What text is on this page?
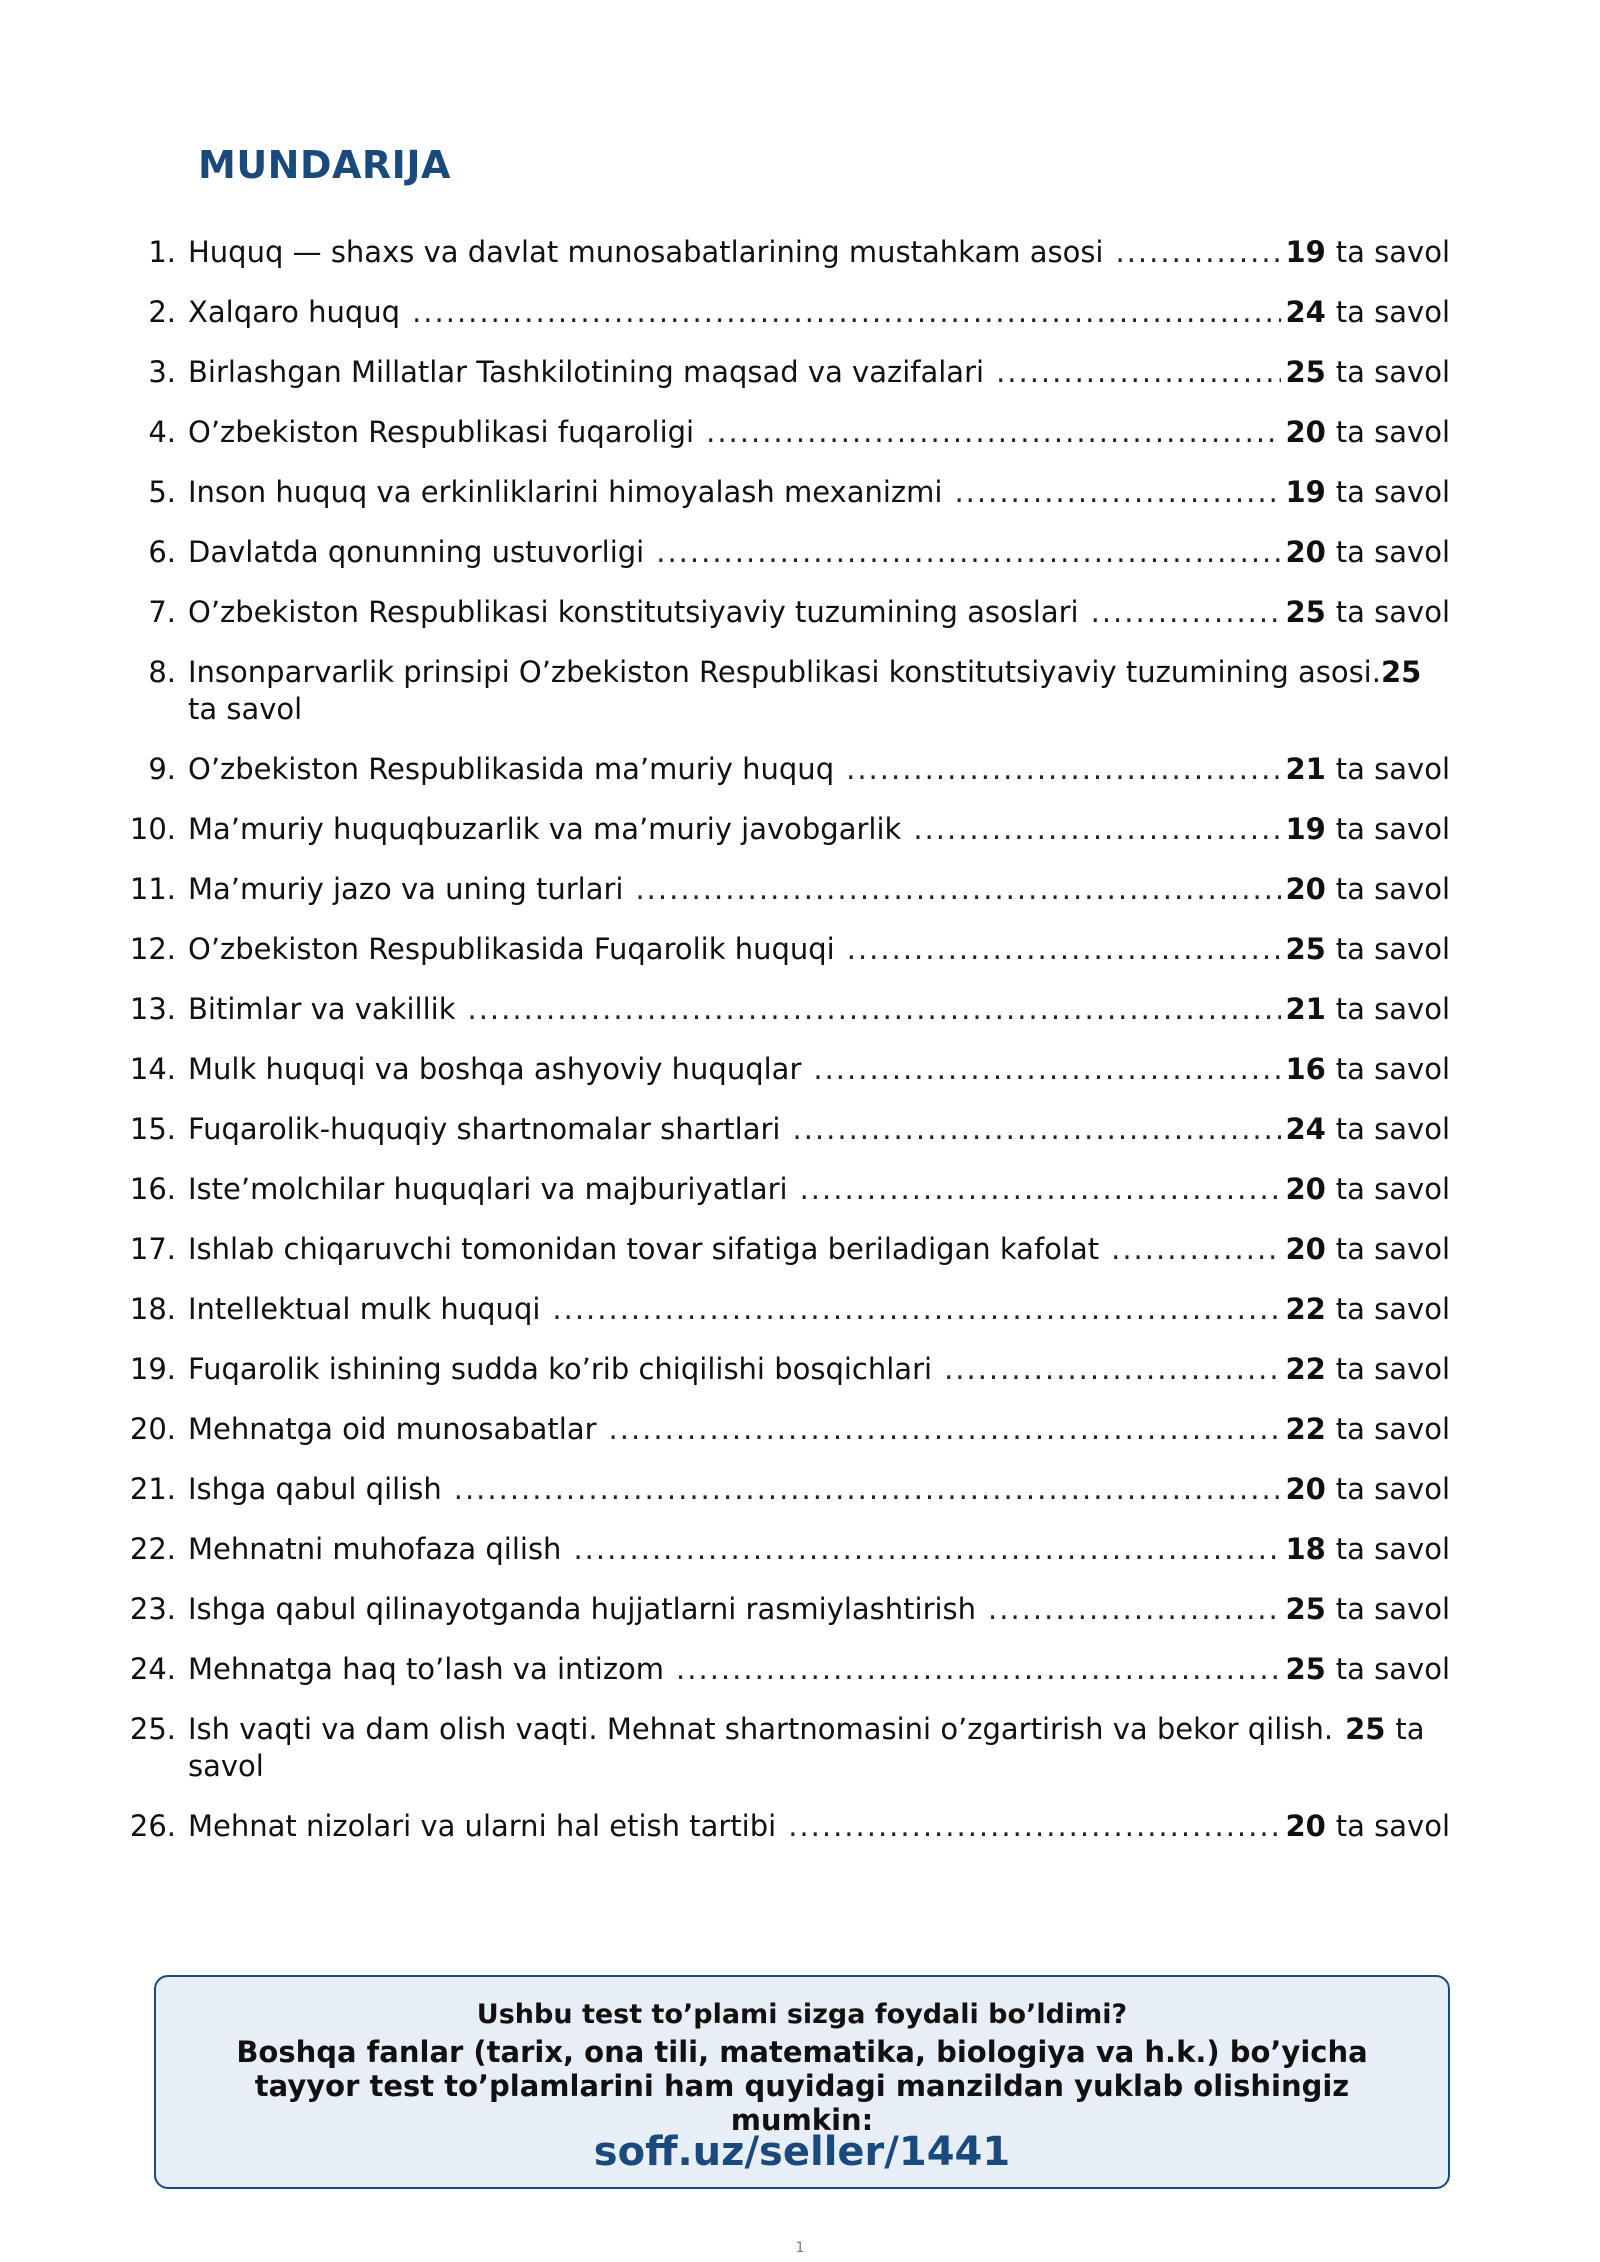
MUNDARIJA
1. Huquq — shaxs va davlat munosabatlarining mustahkam asosi .....	19 ta savol
2. Xalqaro huquq .....	24 ta savol
3. Birlashgan Millatlar Tashkilotining maqsad va vazifalari .....	25 ta savol
4. O’zbekiston Respublikasi fuqaroligi .....	20 ta savol
5. Inson huquq va erkinliklarini himoyalash mexanizmi .....	19 ta savol
6. Davlatda qonunning ustuvorligi .....	20 ta savol
7. O’zbekiston Respublikasi konstitutsiyaviy tuzumining asoslari .....	25 ta savol
8. Insonparvarlik prinsipi O’zbekiston Respublikasi konstitutsiyaviy tuzumining asosi . 25
ta savol
9. O’zbekiston Respublikasida ma’muriy huquq .....	21 ta savol
10. Ma’muriy huquqbuzarlik va ma’muriy javobgarlik .....	19 ta savol
11. Ma’muriy jazo va uning turlari .....	20 ta savol
12. O’zbekiston Respublikasida Fuqarolik huquqi .....	25 ta savol
13. Bitimlar va vakillik .....	21 ta savol
14. Mulk huquqi va boshqa ashyoviy huquqlar .....	16 ta savol
15. Fuqarolik-huquqiy shartnomalar shartlari .....	24 ta savol
16. Iste’molchilar huquqlari va majburiyatlari .....	20 ta savol
17. Ishlab chiqaruvchi tomonidan tovar sifatiga beriladigan kafolat .....	20 ta savol
18. Intellektual mulk huquqi .....	22 ta savol
19. Fuqarolik ishining sudda ko’rib chiqilishi bosqichlari .....	22 ta savol
20. Mehnatga oid munosabatlar .....	22 ta savol
21. Ishga qabul qilish .....	20 ta savol
22. Mehnatni muhofaza qilish .....	18 ta savol
23. Ishga qabul qilinayotganda hujjatlarni rasmiylashtirish .....	25 ta savol
24. Mehnatga haq to’lash va intizom .....	25 ta savol
25. Ish vaqti va dam olish vaqti. Mehnat shartnomasini o’zgartirish va bekor qilish . 25 ta
savol
26. Mehnat nizolari va ularni hal etish tartibi .....	20 ta savol
Ushbu test to’plami sizga foydali bo’ldimi?
Boshqa fanlar (tarix, ona tili, matematika, biologiya va h.k.) bo’yicha tayyor test to’plamlarini ham quyidagi manzildan yuklab olishingiz mumkin:
soff.uz/seller/1441
1
